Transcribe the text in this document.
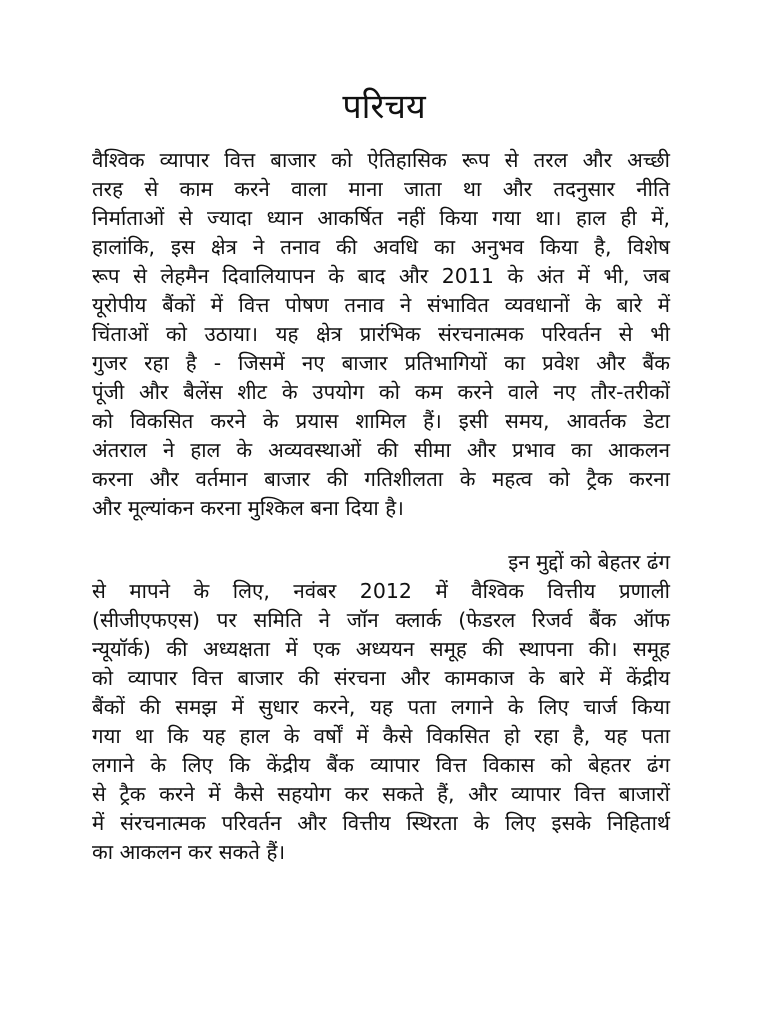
परिचय
वैश्विक व्यापार वित्त बाजार को ऐतिहासिक रूप से तरल और अच्छी
तरह से काम करने वाला माना जाता था और तदनुसार नीति
निर्माताओं से ज्यादा ध्यान आकर्षित नहीं किया गया था। हाल ही में,
हालांकि, इस क्षेत्र ने तनाव की अवधि का अनुभव किया है, विशेष
रूप से लेहमैन दिवालियापन के बाद और 2011 के अंत में भी, जब
यूरोपीय बैंकों में वित्त पोषण तनाव ने संभावित व्यवधानों के बारे में
चिंताओं को उठाया। यह क्षेत्र प्रारंभिक संरचनात्मक परिवर्तन से भी
गुजर रहा है - जिसमें नए बाजार प्रतिभागियों का प्रवेश और बैंक
पूंजी और बैलेंस शीट के उपयोग को कम करने वाले नए तौर-तरीकों
को विकसित करने के प्रयास शामिल हैं। इसी समय, आवर्तक डेटा
अंतराल ने हाल के अव्यवस्थाओं की सीमा और प्रभाव का आकलन
करना और वर्तमान बाजार की गतिशीलता के महत्व को ट्रैक करना
और मूल्यांकन करना मुश्किल बना दिया है।
इन मुद्दों को बेहतर ढंग
से मापने के लिए, नवंबर 2012 में वैश्विक वित्तीय प्रणाली
(सीजीएफएस) पर समिति ने जॉन क्लार्क (फेडरल रिजर्व बैंक ऑफ
न्यूयॉर्क) की अध्यक्षता में एक अध्ययन समूह की स्थापना की। समूह
को व्यापार वित्त बाजार की संरचना और कामकाज के बारे में केंद्रीय
बैंकों की समझ में सुधार करने, यह पता लगाने के लिए चार्ज किया
गया था कि यह हाल के वर्षों में कैसे विकसित हो रहा है, यह पता
लगाने के लिए कि केंद्रीय बैंक व्यापार वित्त विकास को बेहतर ढंग
से ट्रैक करने में कैसे सहयोग कर सकते हैं, और व्यापार वित्त बाजारों
में संरचनात्मक परिवर्तन और वित्तीय स्थिरता के लिए इसके निहितार्थ
का आकलन कर सकते हैं।
